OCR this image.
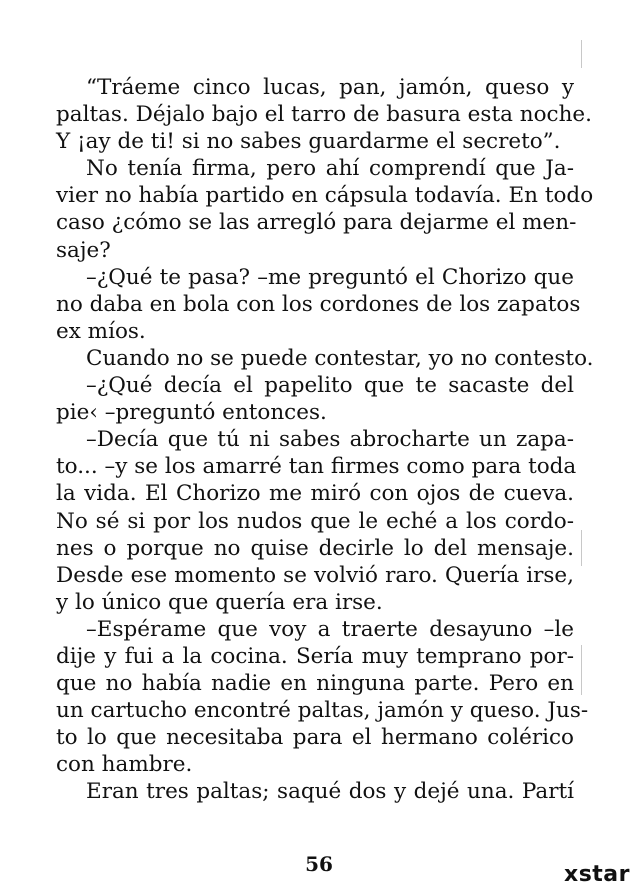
“Tráeme cinco lucas, pan, jamón, queso y
paltas. Déjalo bajo el tarro de basura esta noche.
Y ¡ay de ti! si no sabes guardarme el secreto”.
No tenía firma, pero ahí comprendí que Ja-
vier no había partido en cápsula todavía. En todo
caso ¿cómo se las arregló para dejarme el men-
saje?
–¿Qué te pasa? –me preguntó el Chorizo que
no daba en bola con los cordones de los zapatos
ex míos.
Cuando no se puede contestar, yo no contesto.
–¿Qué decía el papelito que te sacaste del
pie‹ –preguntó entonces.
–Decía que tú ni sabes abrocharte un zapa-
to... –y se los amarré tan firmes como para toda
la vida. El Chorizo me miró con ojos de cueva.
No sé si por los nudos que le eché a los cordo-
nes o porque no quise decirle lo del mensaje.
Desde ese momento se volvió raro. Quería irse,
y lo único que quería era irse.
–Espérame que voy a traerte desayuno –le
dije y fui a la cocina. Sería muy temprano por-
que no había nadie en ninguna parte. Pero en
un cartucho encontré paltas, jamón y queso. Jus-
to lo que necesitaba para el hermano colérico
con hambre.
Eran tres paltas; saqué dos y dejé una. Partí
56	xstar
